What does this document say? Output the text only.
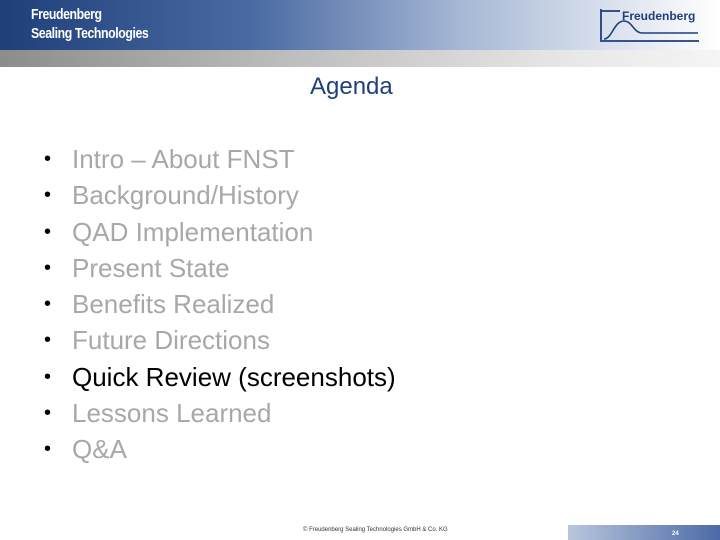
Freudenberg
Sealing Technologies
Freudenberg
Agenda
• Intro – About FNST
• Background/History
• QAD Implementation
• Present State
• Benefits Realized
• Future Directions
• Quick Review (screenshots)
• Lessons Learned
• Q&A
© Freudenberg Sealing Technologies GmbH & Co. KG
24
